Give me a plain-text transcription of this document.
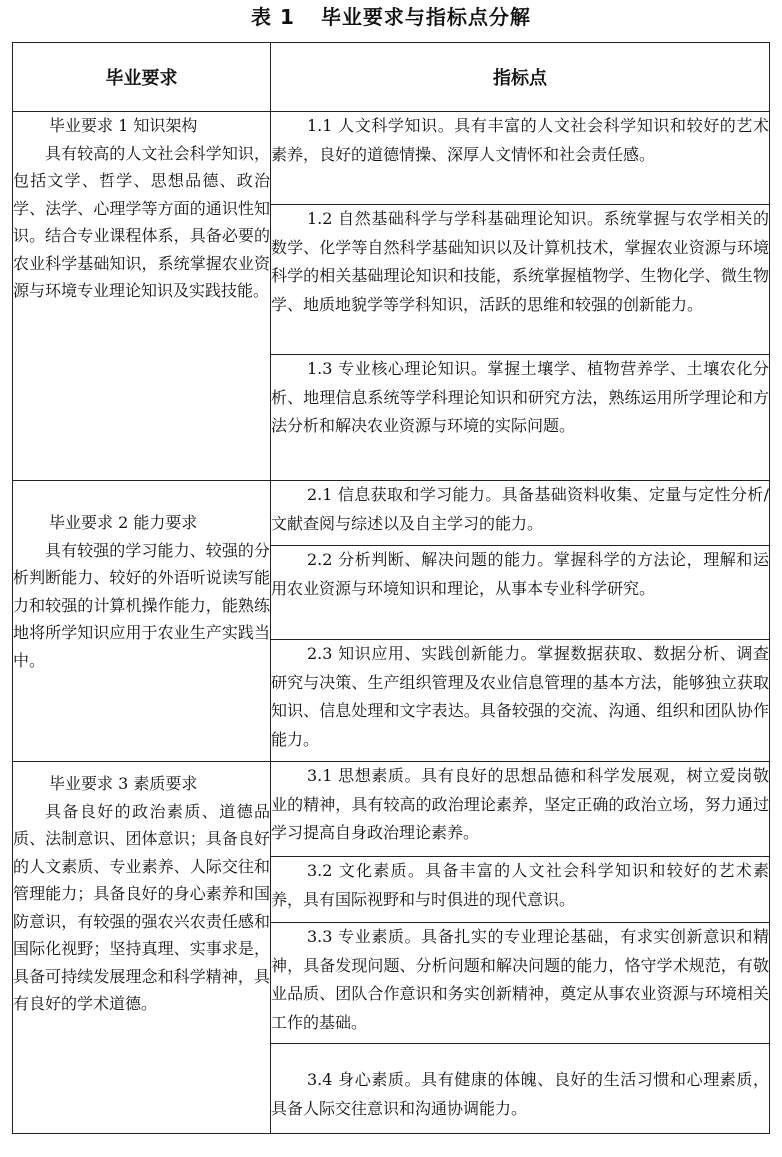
表 1 毕业要求与指标点分解
毕业要求	指标点

毕业要求 1 知识架构

具有较高的人文社会科学知识，包括文学、哲学、思想品德、政治学、法学、心理学等方面的通识性知识。结合专业课程体系，具备必要的农业科学基础知识，系统掌握农业资源与环境专业理论知识及实践技能。	1.1 人文科学知识。具有丰富的人文社会科学知识和较好的艺术素养，良好的道德情操、深厚人文情怀和社会责任感。
	1.2 自然基础科学与学科基础理论知识。系统掌握与农学相关的数学、化学等自然科学基础知识以及计算机技术，掌握农业资源与环境科学的相关基础理论知识和技能，系统掌握植物学、生物化学、微生物学、地质地貌学等学科知识，活跃的思维和较强的创新能力。
	1.3 专业核心理论知识。掌握土壤学、植物营养学、土壤农化分析、地理信息系统等学科理论知识和研究方法，熟练运用所学理论和方法分析和解决农业资源与环境的实际问题。

毕业要求 2 能力要求

具有较强的学习能力、较强的分析判断能力、较好的外语听说读写能力和较强的计算机操作能力，能熟练地将所学知识应用于农业生产实践当中。	2.1 信息获取和学习能力。具备基础资料收集、定量与定性分析/文献查阅与综述以及自主学习的能力。
	2.2 分析判断、解决问题的能力。掌握科学的方法论，理解和运用农业资源与环境知识和理论，从事本专业科学研究。
	2.3 知识应用、实践创新能力。掌握数据获取、数据分析、调查研究与决策、生产组织管理及农业信息管理的基本方法，能够独立获取知识、信息处理和文字表达。具备较强的交流、沟通、组织和团队协作能力。

毕业要求 3 素质要求

具备良好的政治素质、道德品质、法制意识、团体意识；具备良好的人文素质、专业素养、人际交往和管理能力；具备良好的身心素养和国防意识，有较强的强农兴农责任感和国际化视野；坚持真理、实事求是，具备可持续发展理念和科学精神，具有良好的学术道德。	3.1 思想素质。具有良好的思想品德和科学发展观，树立爱岗敬业的精神，具有较高的政治理论素养，坚定正确的政治立场，努力通过学习提高自身政治理论素养。
	3.2 文化素质。具备丰富的人文社会科学知识和较好的艺术素养，具有国际视野和与时俱进的现代意识。
	3.3 专业素质。具备扎实的专业理论基础，有求实创新意识和精神，具备发现问题、分析问题和解决问题的能力，恪守学术规范，有敬业品质、团队合作意识和务实创新精神，奠定从事农业资源与环境相关工作的基础。
	3.4 身心素质。具有健康的体魄、良好的生活习惯和心理素质，具备人际交往意识和沟通协调能力。
